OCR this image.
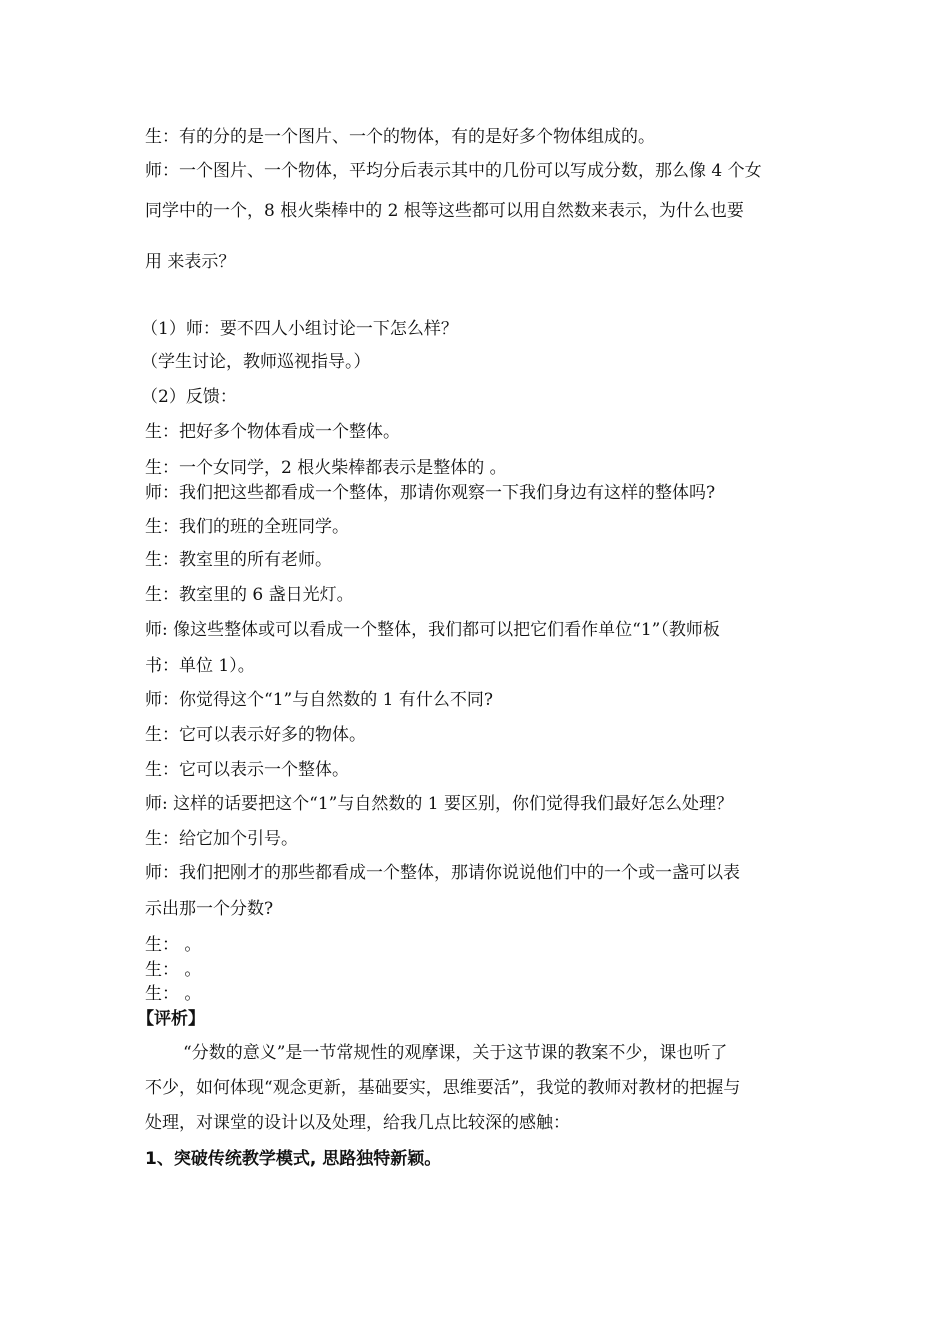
生：有的分的是一个图片、一个的物体，有的是好多个物体组成的。
师：一个图片、一个物体，平均分后表示其中的几份可以写成分数，那么像 4 个女
同学中的一个，8 根火柴棒中的 2 根等这些都可以用自然数来表示，为什么也要
用 来表示？
（1）师：要不四人小组讨论一下怎么样？
（学生讨论，教师巡视指导。）
（2）反馈：
生：把好多个物体看成一个整体。
生：一个女同学，2 根火柴棒都表示是整体的 。
师：我们把这些都看成一个整体，那请你观察一下我们身边有这样的整体吗?
生：我们的班的全班同学。
生：教室里的所有老师。
生：教室里的 6 盏日光灯。
师: 像这些整体或可以看成一个整体，我们都可以把它们看作单位“1”（教师板
书：单位 1）。
师：你觉得这个“1”与自然数的 1 有什么不同?
生：它可以表示好多的物体。
生：它可以表示一个整体。
师: 这样的话要把这个“1”与自然数的 1 要区别，你们觉得我们最好怎么处理？
生：给它加个引号。
师：我们把刚才的那些都看成一个整体，那请你说说他们中的一个或一盏可以表
示出那一个分数?
生： 。
生： 。
生： 。
【评析】
“分数的意义”是一节常规性的观摩课，关于这节课的教案不少，课也听了
不少，如何体现“观念更新，基础要实，思维要活”，我觉的教师对教材的把握与
处理，对课堂的设计以及处理，给我几点比较深的感触：
1、突破传统教学模式, 思路独特新颖。
